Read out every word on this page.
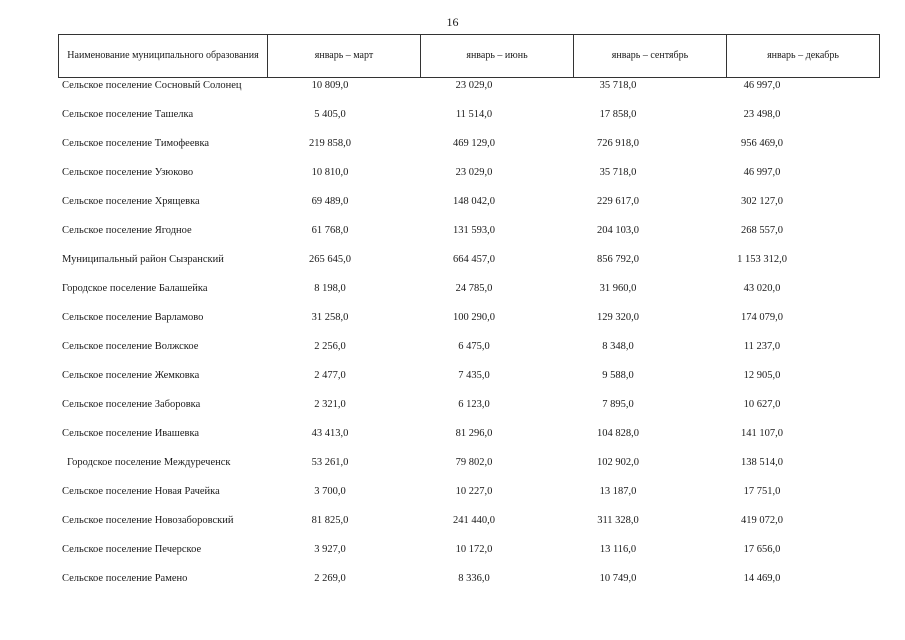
16
Наименование муниципального образования	январь – март	январь – июнь	январь – сентябрь	январь – декабрь
Сельское поселение Сосновый Солонец	10 809,0	23 029,0	35 718,0	46 997,0
Сельское поселение Ташелка	5 405,0	11 514,0	17 858,0	23 498,0
Сельское поселение Тимофеевка	219 858,0	469 129,0	726 918,0	956 469,0
Сельское поселение Узюково	10 810,0	23 029,0	35 718,0	46 997,0
Сельское поселение Хрящевка	69 489,0	148 042,0	229 617,0	302 127,0
Сельское поселение Ягодное	61 768,0	131 593,0	204 103,0	268 557,0
Муниципальный район Сызранский	265 645,0	664 457,0	856 792,0	1 153 312,0
Городское поселение Балашейка	8 198,0	24 785,0	31 960,0	43 020,0
Сельское поселение Варламово	31 258,0	100 290,0	129 320,0	174 079,0
Сельское поселение Волжское	2 256,0	6 475,0	8 348,0	11 237,0
Сельское поселение Жемковка	2 477,0	7 435,0	9 588,0	12 905,0
Сельское поселение Заборовка	2 321,0	6 123,0	7 895,0	10 627,0
Сельское поселение Ивашевка	43 413,0	81 296,0	104 828,0	141 107,0
Городское поселение Междуреченск	53 261,0	79 802,0	102 902,0	138 514,0
Сельское поселение Новая Рачейка	3 700,0	10 227,0	13 187,0	17 751,0
Сельское поселение Новозаборовский	81 825,0	241 440,0	311 328,0	419 072,0
Сельское поселение Печерское	3 927,0	10 172,0	13 116,0	17 656,0
Сельское поселение Рамено	2 269,0	8 336,0	10 749,0	14 469,0
